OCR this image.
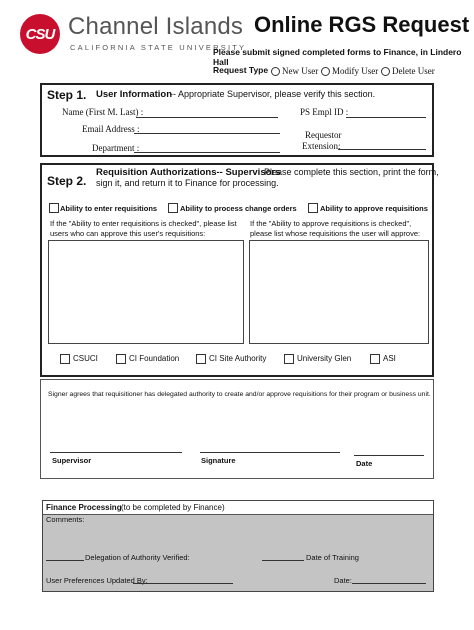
CSU Channel Islands
CALIFORNIA STATE UNIVERSITY
Online RGS Request
Please submit signed completed forms to Finance, in Lindero Hall
Request Type New User Modify User Delete User
Step 1. User Information
-- Appropriate Supervisor, please verify this section.
Name (First M. Last) :	PS Empl ID :
Email Address :
Requestor
Extension:
Department :
Step 2.
Requisition Authorizations-- Supervisors
Please complete this section, print the form,
sign it, and return it to Finance for processing.
Ability to enter requisitions	Ability to process change orders	Ability to approve requisitions
If the "Ability to enter requisitions is checked", please list
users who can approve this user's requisitions:
If the "Ability to approve requisitions is checked",
please list whose requisitions the user will approve:
CSUCI	CI Foundation	CI Site Authority	University Glen	ASI
Signer agrees that requisitioner has delegated authority to create and/or approve requisitions for their program or business unit.
Supervisor	Signature	Date
Finance Processing (to be completed by Finance)
Comments:
Delegation of Authority Verified:	Date of Training
User Preferences Updated By:	Date:
